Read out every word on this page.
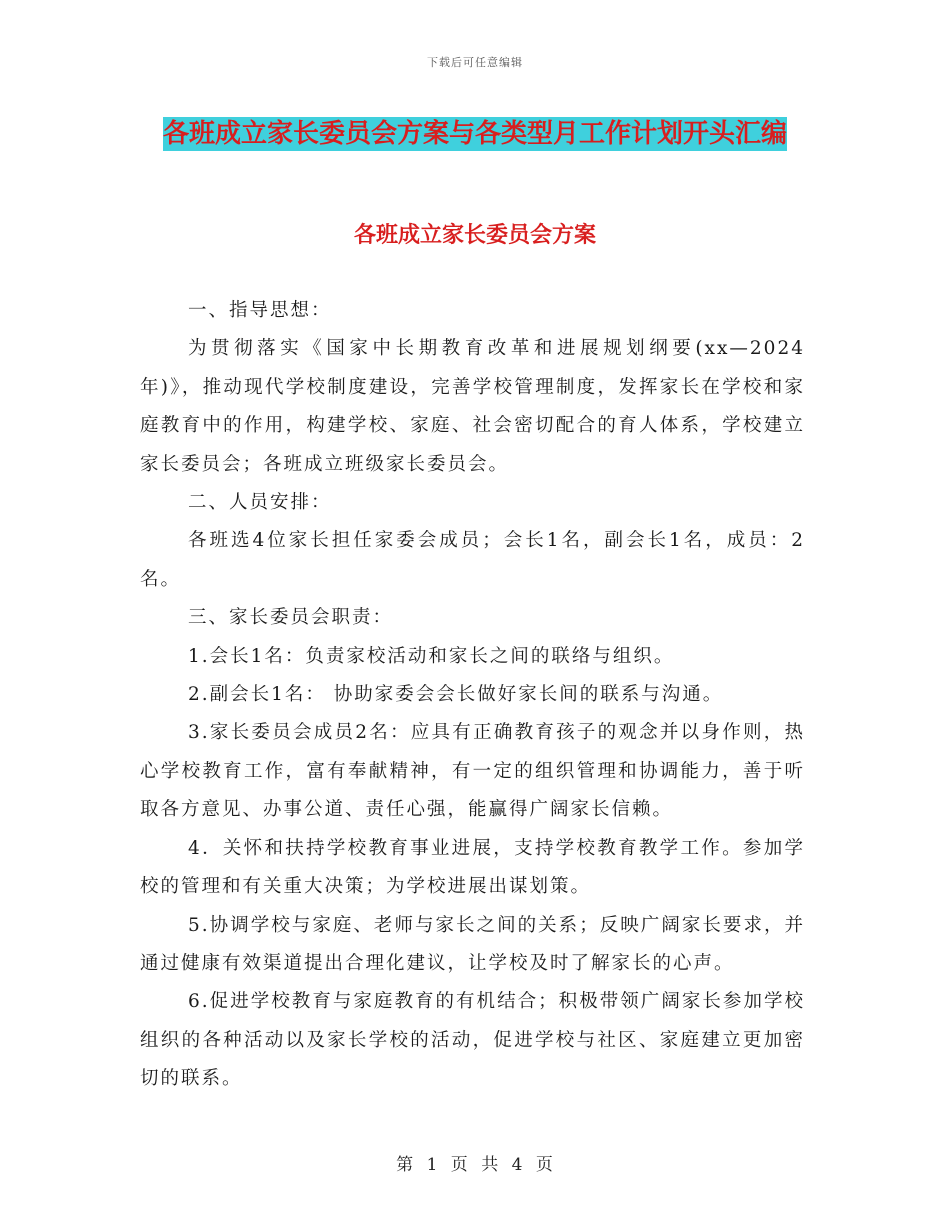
下载后可任意编辑
各班成立家长委员会方案与各类型月工作计划开头汇编
各班成立家长委员会方案

一、指导思想：

为贯彻落实《国家中长期教育改革和进展规划纲要(xx—2024年)》，推动现代学校制度建设，完善学校管理制度，发挥家长在学校和家庭教育中的作用，构建学校、家庭、社会密切配合的育人体系，学校建立家长委员会；各班成立班级家长委员会。

二、人员安排：

各班选4位家长担任家委会成员；会长1名，副会长1名，成员：2名。

三、家长委员会职责：

1.会长1名：负责家校活动和家长之间的联络与组织。

2.副会长1名： 协助家委会会长做好家长间的联系与沟通。

3.家长委员会成员2名：应具有正确教育孩子的观念并以身作则，热心学校教育工作，富有奉献精神，有一定的组织管理和协调能力，善于听取各方意见、办事公道、责任心强，能赢得广阔家长信赖。

4．关怀和扶持学校教育事业进展，支持学校教育教学工作。参加学校的管理和有关重大决策；为学校进展出谋划策。

5.协调学校与家庭、老师与家长之间的关系；反映广阔家长要求，并通过健康有效渠道提出合理化建议，让学校及时了解家长的心声。

6.促进学校教育与家庭教育的有机结合；积极带领广阔家长参加学校组织的各种活动以及家长学校的活动，促进学校与社区、家庭建立更加密切的联系。

第 1 页 共 4 页
